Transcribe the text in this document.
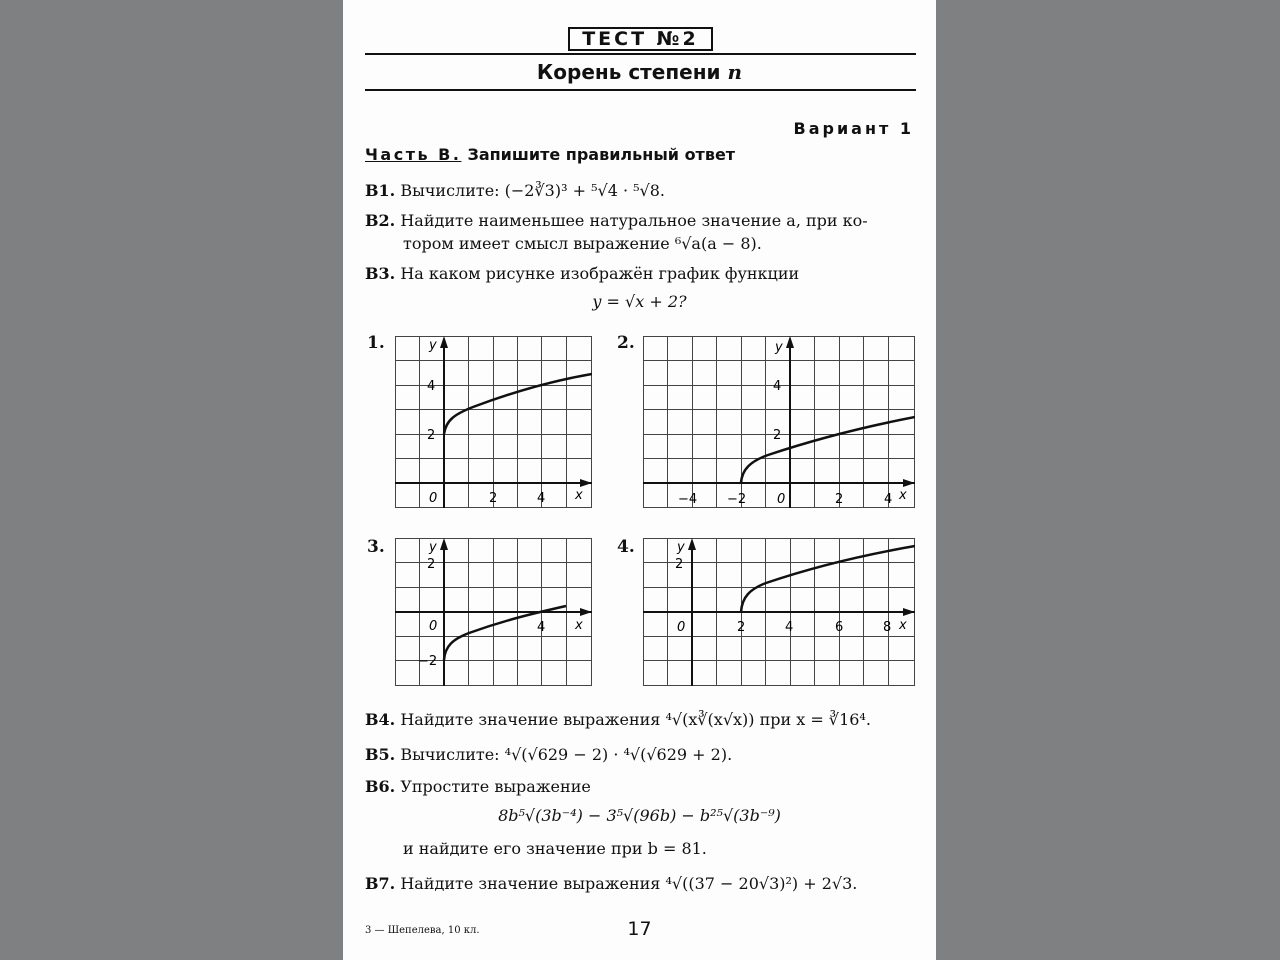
ТЕСТ №2
Корень степени n
Вариант 1
Часть В. Запишите правильный ответ
В1. Вычислите: (−2∛3)³ + ⁵√4 · ⁵√8.
В2. Найдите наименьшее натуральное значение a, при ко-
тором имеет смысл выражение ⁶√a(a − 8).
В3. На каком рисунке изображён график функции
y = √x + 2?
1.	2.
3.	4.
y
x
4
2
0	2	4
y
x
4
2
−4 −2 0	2	4
y
x
2
0	4
−2
y
x
2
0	2	4	6	8
В4. Найдите значение выражения ⁴√(x∛(x√x)) при x = ∛16⁴.
В5. Вычислите: ⁴√(√629 − 2) · ⁴√(√629 + 2).
В6. Упростите выражение
8b⁵√(3b⁻⁴) − 3⁵√(96b) − b²⁵√(3b⁻⁹)
и найдите его значение при b = 81.
В7. Найдите значение выражения ⁴√((37 − 20√3)²) + 2√3.
3 — Шепелева, 10 кл.	17
